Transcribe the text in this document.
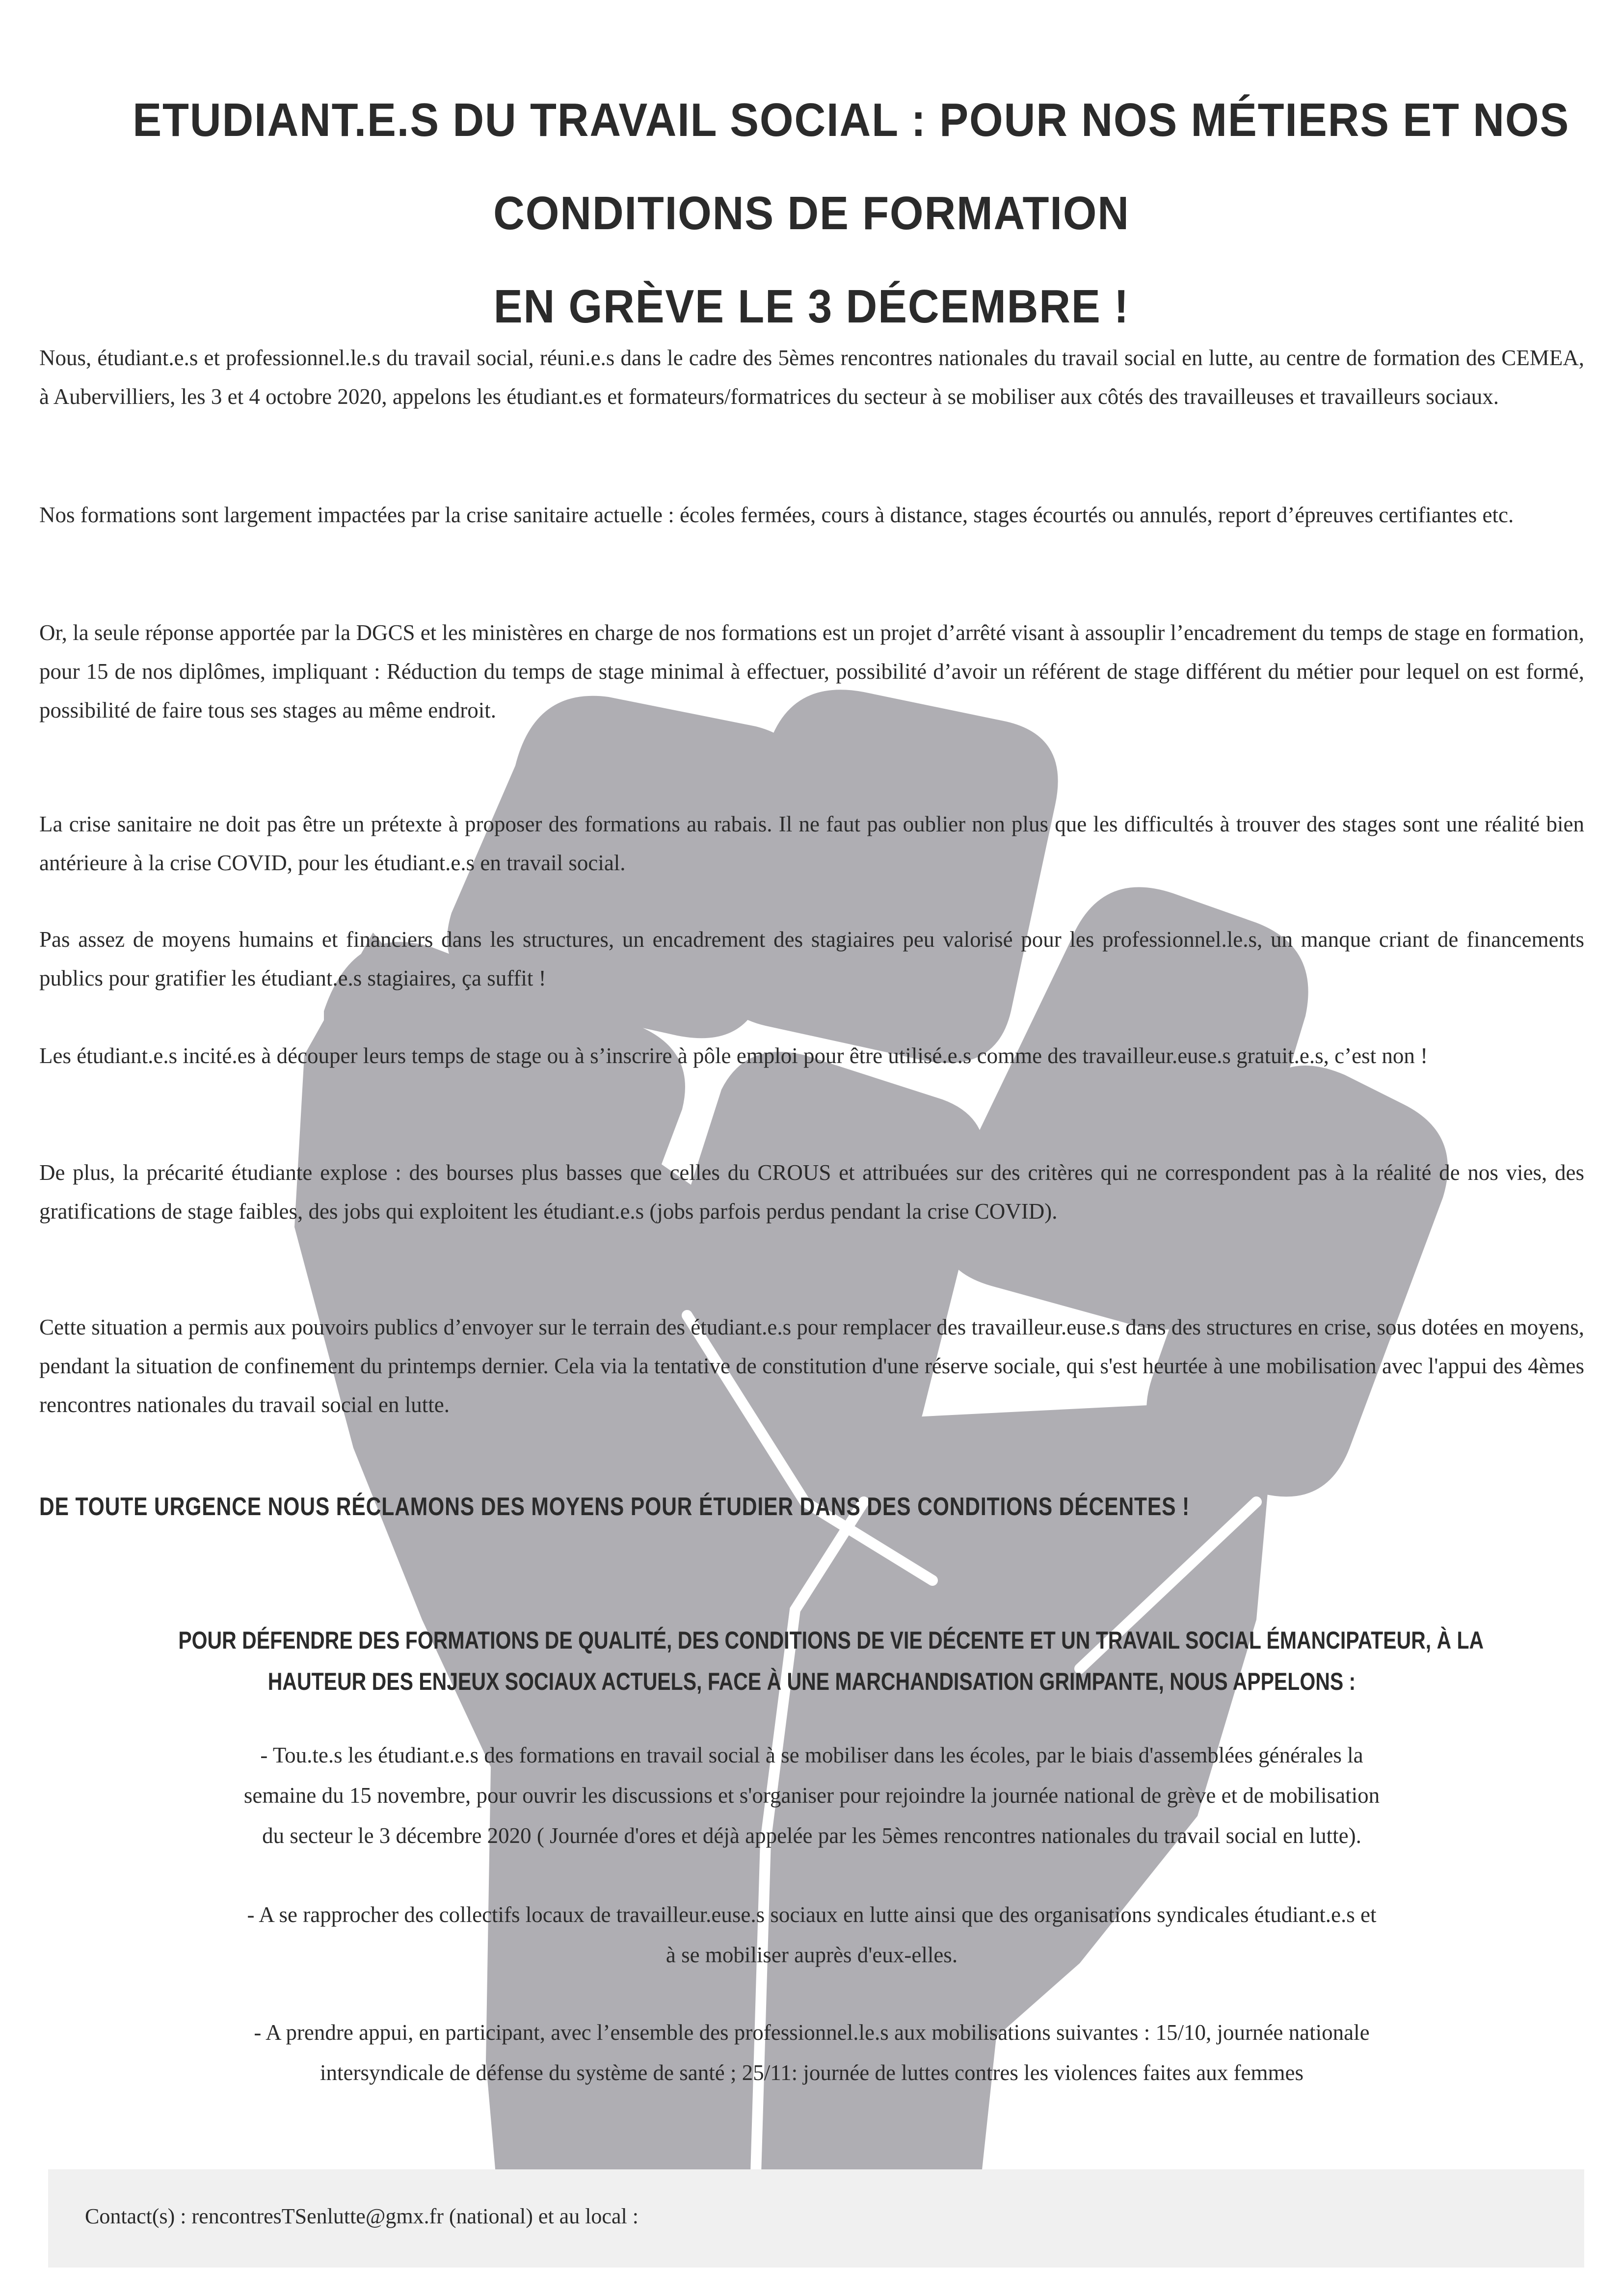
ETUDIANT.E.S DU TRAVAIL SOCIAL : POUR NOS MÉTIERS ET NOS
CONDITIONS DE FORMATION
EN GRÈVE LE 3 DÉCEMBRE !

Nous, étudiant.e.s et professionnel.le.s du travail social, réuni.e.s dans le cadre des 5èmes rencontres nationales du travail social en lutte, au centre de formation des CEMEA, à Aubervilliers, les 3 et 4 octobre 2020, appelons les étudiant.es et formateurs/formatrices du secteur à se mobiliser aux côtés des travailleuses et travailleurs sociaux.

Nos formations sont largement impactées par la crise sanitaire actuelle : écoles fermées, cours à distance, stages écourtés ou annulés, report d’épreuves certifiantes etc.

Or, la seule réponse apportée par la DGCS et les ministères en charge de nos formations est un projet d’arrêté visant à assouplir l’encadrement du temps de stage en formation, pour 15 de nos diplômes, impliquant : Réduction du temps de stage minimal à effectuer, possibilité d’avoir un référent de stage différent du métier pour lequel on est formé, possibilité de faire tous ses stages au même endroit.

La crise sanitaire ne doit pas être un prétexte à proposer des formations au rabais. Il ne faut pas oublier non plus que les difficultés à trouver des stages sont une réalité bien antérieure à la crise COVID, pour les étudiant.e.s en travail social.

Pas assez de moyens humains et financiers dans les structures, un encadrement des stagiaires peu valorisé pour les professionnel.le.s, un manque criant de financements publics pour gratifier les étudiant.e.s stagiaires, ça suffit !

Les étudiant.e.s incité.es à découper leurs temps de stage ou à s’inscrire à pôle emploi pour être utilisé.e.s comme des travailleur.euse.s gratuit.e.s, c’est non !

De plus, la précarité étudiante explose : des bourses plus basses que celles du CROUS et attribuées sur des critères qui ne correspondent pas à la réalité de nos vies, des gratifications de stage faibles, des jobs qui exploitent les étudiant.e.s (jobs parfois perdus pendant la crise COVID).

Cette situation a permis aux pouvoirs publics d’envoyer sur le terrain des étudiant.e.s pour remplacer des travailleur.euse.s dans des structures en crise, sous dotées en moyens, pendant la situation de confinement du printemps dernier. Cela via la tentative de constitution d'une réserve sociale, qui s'est heurtée à une mobilisation avec l'appui des 4èmes rencontres nationales du travail social en lutte.

DE TOUTE URGENCE NOUS RÉCLAMONS DES MOYENS POUR ÉTUDIER DANS DES CONDITIONS DÉCENTES !
POUR DÉFENDRE DES FORMATIONS DE QUALITÉ, DES CONDITIONS DE VIE DÉCENTE ET UN TRAVAIL SOCIAL ÉMANCIPATEUR, À LA
HAUTEUR DES ENJEUX SOCIAUX ACTUELS, FACE À UNE MARCHANDISATION GRIMPANTE, NOUS APPELONS :
- Tou.te.s les étudiant.e.s des formations en travail social à se mobiliser dans les écoles, par le biais d'assemblées générales la
semaine du 15 novembre, pour ouvrir les discussions et s'organiser pour rejoindre la journée national de grève et de mobilisation
du secteur le 3 décembre 2020 ( Journée d'ores et déjà appelée par les 5èmes rencontres nationales du travail social en lutte).
- A se rapprocher des collectifs locaux de travailleur.euse.s sociaux en lutte ainsi que des organisations syndicales étudiant.e.s et
à se mobiliser auprès d'eux-elles.
- A prendre appui, en participant, avec l’ensemble des professionnel.le.s aux mobilisations suivantes : 15/10, journée nationale
intersyndicale de défense du système de santé ; 25/11: journée de luttes contres les violences faites aux femmes
Contact(s) : rencontresTSenlutte@gmx.fr (national) et au local :
